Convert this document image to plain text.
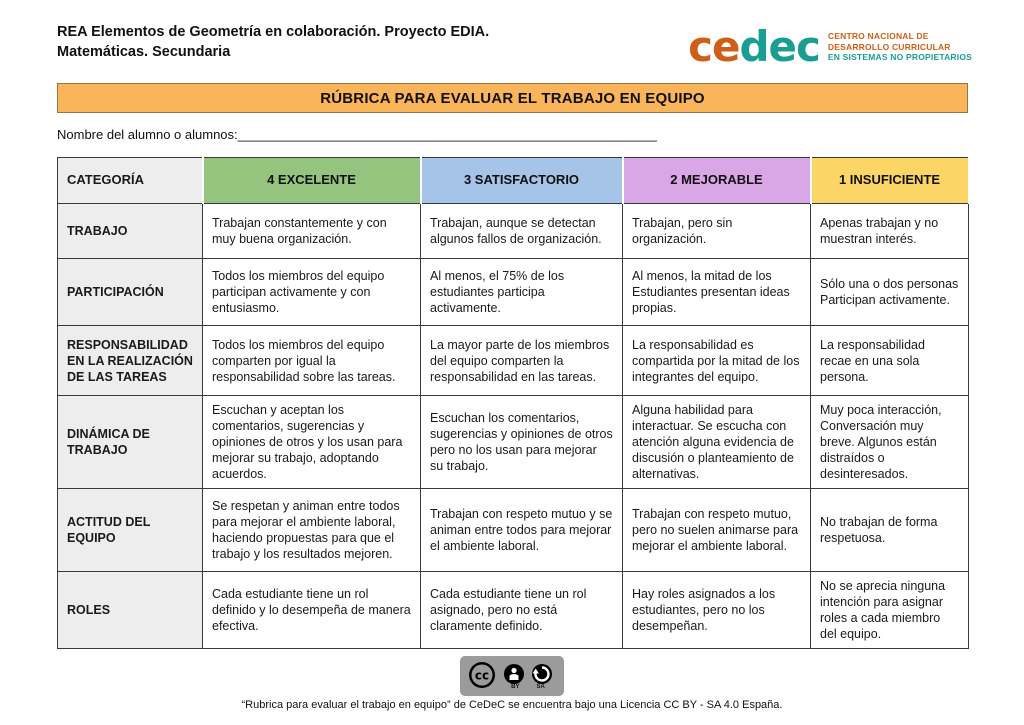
REA Elementos de Geometría en colaboración. Proyecto EDIA.
Matemáticas. Secundaria	cedec CENTRO NACIONAL DE
DESARROLLO CURRICULAR
EN SISTEMAS NO PROPIETARIOS
RÚBRICA PARA EVALUAR EL TRABAJO EN EQUIPO
Nombre del alumno o alumnos:__________________________________________________________
CATEGORÍA	4 EXCELENTE	3 SATISFACTORIO	2 MEJORABLE	1 INSUFICIENTE
TRABAJO	Trabajan constantemente y con muy buena organización.	Trabajan, aunque se detectan algunos fallos de organización.	Trabajan, pero sin organización.	Apenas trabajan y no muestran interés.
PARTICIPACIÓN	Todos los miembros del equipo participan activamente y con entusiasmo.	Al menos, el 75% de los estudiantes participa activamente.	Al menos, la mitad de los Estudiantes presentan ideas propias.	Sólo una o dos personas Participan activamente.
RESPONSABILIDAD EN LA REALIZACIÓN DE LAS TAREAS	Todos los miembros del equipo comparten por igual la responsabilidad sobre las tareas.	La mayor parte de los miembros del equipo comparten la responsabilidad en las tareas.	La responsabilidad es compartida por la mitad de los integrantes del equipo.	La responsabilidad recae en una sola persona.
DINÁMICA DE TRABAJO	Escuchan y aceptan los comentarios, sugerencias y opiniones de otros y los usan para mejorar su trabajo, adoptando acuerdos.	Escuchan los comentarios, sugerencias y opiniones de otros pero no los usan para mejorar su trabajo.	Alguna habilidad para interactuar. Se escucha con atención alguna evidencia de discusión o planteamiento de alternativas.	Muy poca interacción, Conversación muy breve. Algunos están distraídos o desinteresados.
ACTITUD DEL EQUIPO	Se respetan y animan entre todos para mejorar el ambiente laboral, haciendo propuestas para que el trabajo y los resultados mejoren.	Trabajan con respeto mutuo y se animan entre todos para mejorar el ambiente laboral.	Trabajan con respeto mutuo, pero no suelen animarse para mejorar el ambiente laboral.	No trabajan de forma respetuosa.
ROLES	Cada estudiante tiene un rol definido y lo desempeña de manera efectiva.	Cada estudiante tiene un rol asignado, pero no está claramente definido.	Hay roles asignados a los estudiantes, pero no los desempeñan.	No se aprecia ninguna intención para asignar roles a cada miembro del equipo.
cc
BY	SA
“Rubrica para evaluar el trabajo en equipo” de CeDeC se encuentra bajo una Licencia CC BY - SA 4.0 España.
